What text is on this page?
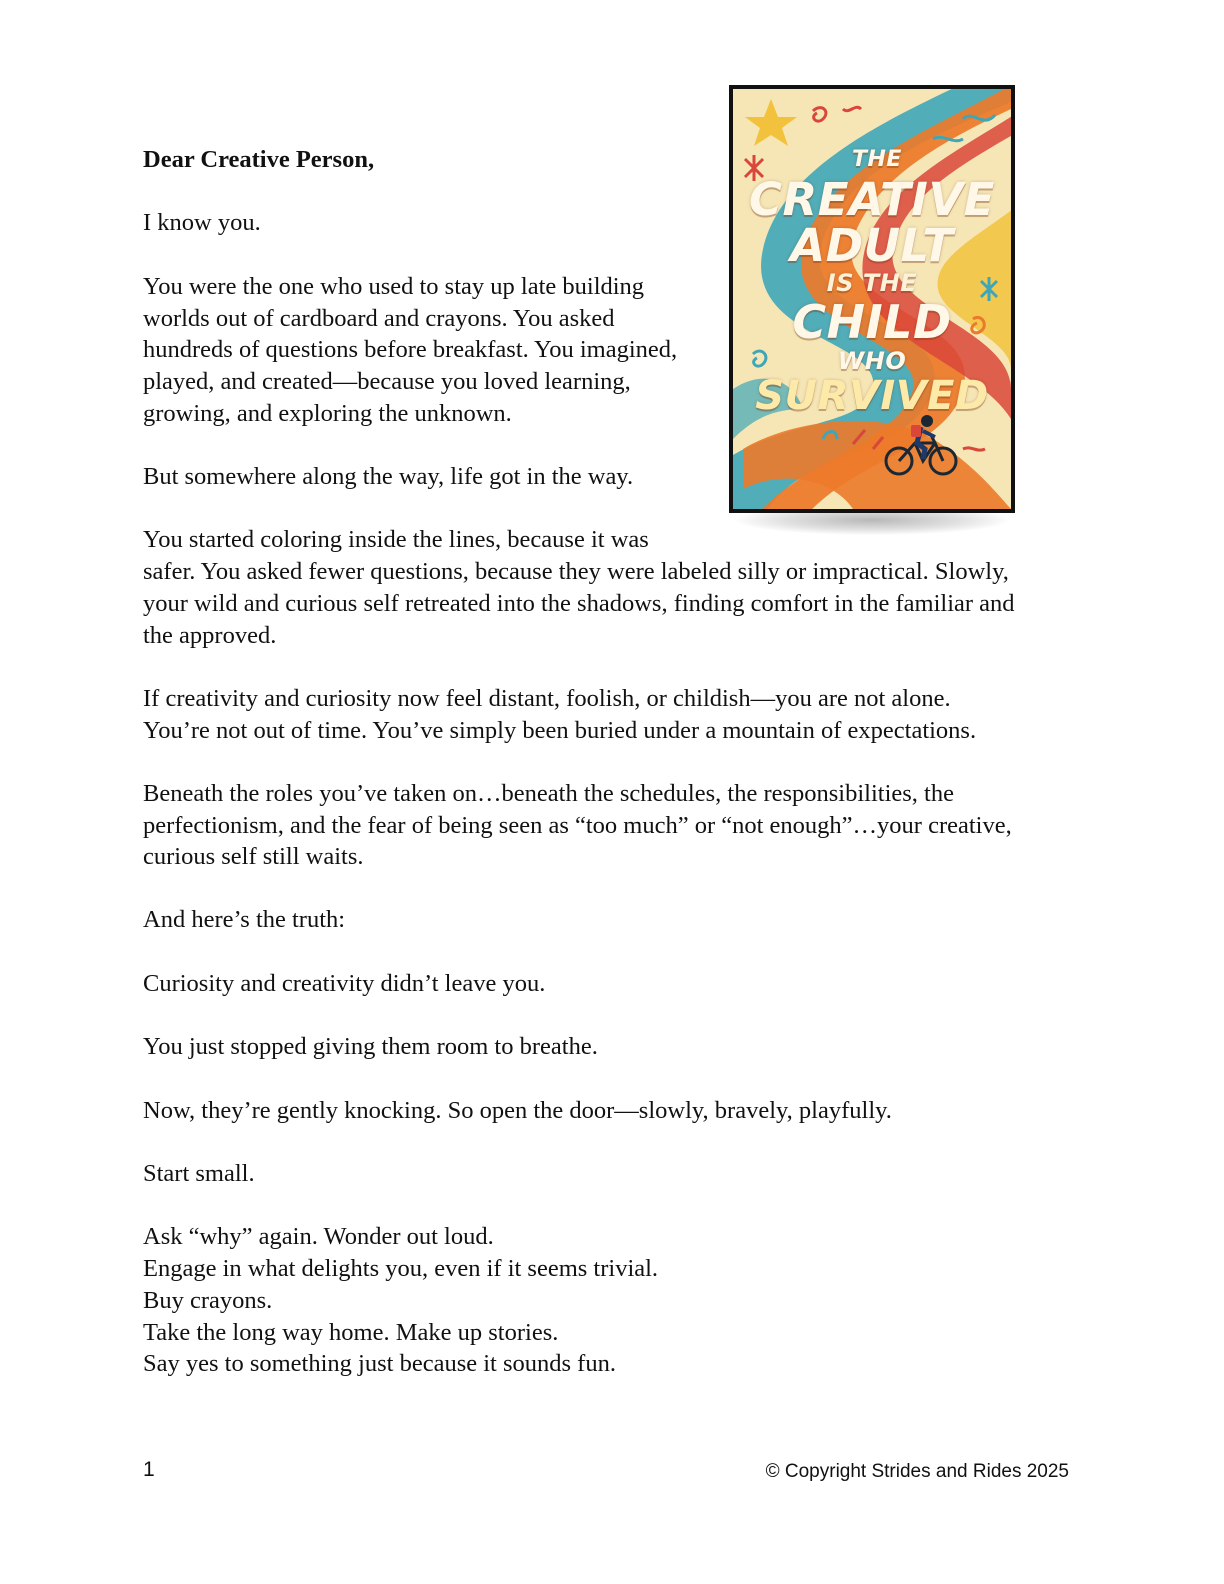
Dear Creative Person,
I know you.
You were the one who used to stay up late building
worlds out of cardboard and crayons. You asked
hundreds of questions before breakfast. You imagined,
played, and created—because you loved learning,
growing, and exploring the unknown.
But somewhere along the way, life got in the way.
You started coloring inside the lines, because it was
safer. You asked fewer questions, because they were labeled silly or impractical. Slowly,
your wild and curious self retreated into the shadows, finding comfort in the familiar and
the approved.
If creativity and curiosity now feel distant, foolish, or childish—you are not alone.
You’re not out of time. You’ve simply been buried under a mountain of expectations.
Beneath the roles you’ve taken on…beneath the schedules, the responsibilities, the
perfectionism, and the fear of being seen as “too much” or “not enough”…your creative,
curious self still waits.
And here’s the truth:
Curiosity and creativity didn’t leave you.
You just stopped giving them room to breathe.
Now, they’re gently knocking. So open the door—slowly, bravely, playfully.
Start small.
Ask “why” again. Wonder out loud.
Engage in what delights you, even if it seems trivial.
Buy crayons.
Take the long way home. Make up stories.
Say yes to something just because it sounds fun.
THE
CREATIVE
ADULT
IS THE
CHILD
WHO
SURVIVED
1	© Copyright Strides and Rides 2025
